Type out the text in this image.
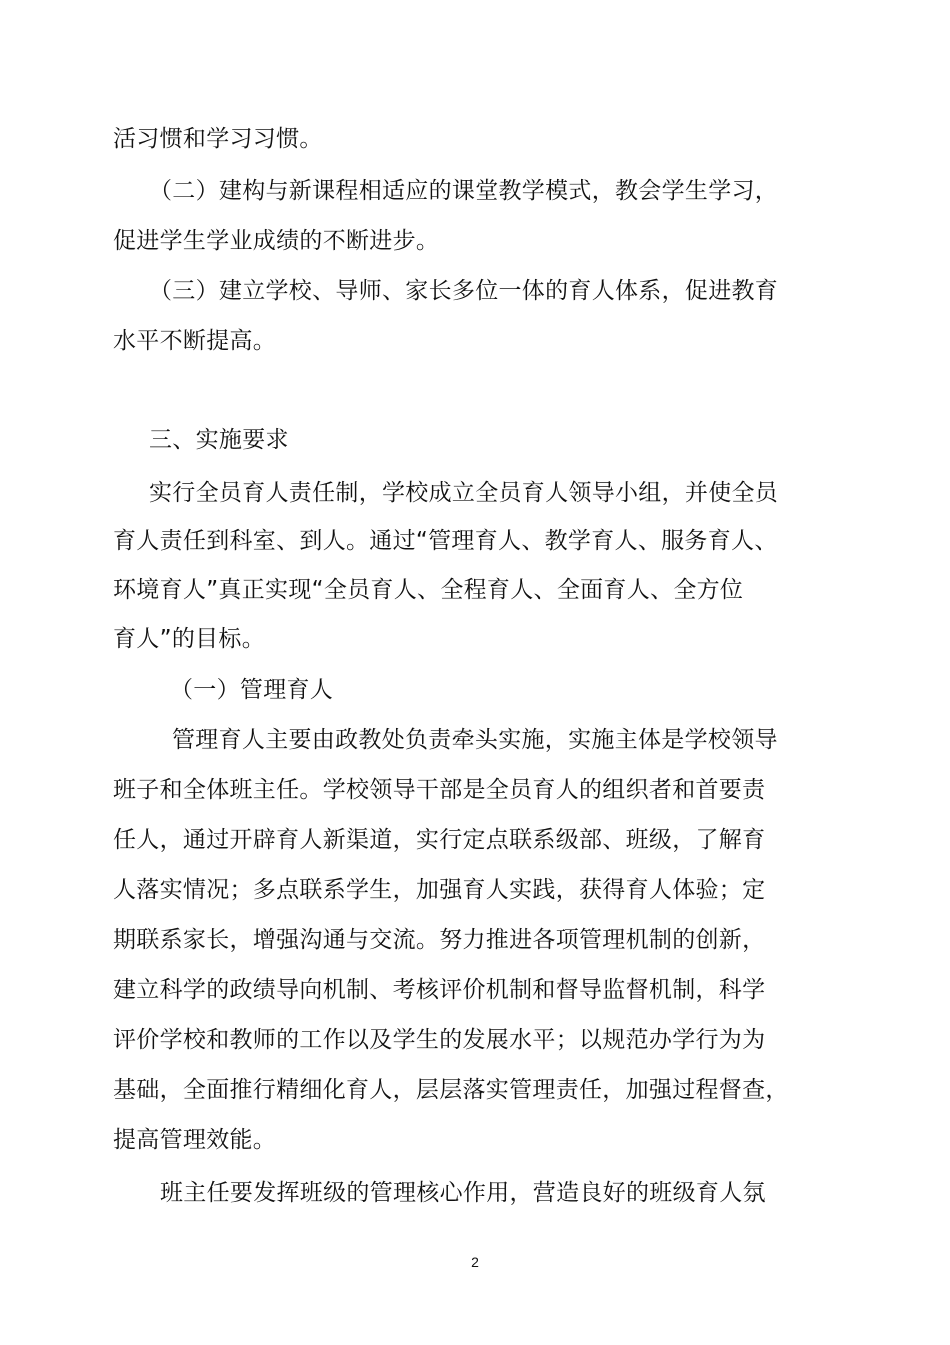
活习惯和学习习惯。
（二）建构与新课程相适应的课堂教学模式，教会学生学习，
促进学生学业成绩的不断进步。
（三）建立学校、导师、家长多位一体的育人体系，促进教育
水平不断提高。
三、实施要求
实行全员育人责任制，学校成立全员育人领导小组，并使全员
育人责任到科室、到人。通过“管理育人、教学育人、服务育人、
环境育人”真正实现“全员育人、全程育人、全面育人、全方位
育人”的目标。
（一）管理育人
管理育人主要由政教处负责牵头实施，实施主体是学校领导
班子和全体班主任。学校领导干部是全员育人的组织者和首要责
任人，通过开辟育人新渠道，实行定点联系级部、班级，了解育
人落实情况；多点联系学生，加强育人实践，获得育人体验；定
期联系家长，增强沟通与交流。努力推进各项管理机制的创新，
建立科学的政绩导向机制、考核评价机制和督导监督机制，科学
评价学校和教师的工作以及学生的发展水平；以规范办学行为为
基础，全面推行精细化育人，层层落实管理责任，加强过程督查，
提高管理效能。
班主任要发挥班级的管理核心作用，营造良好的班级育人氛
2
